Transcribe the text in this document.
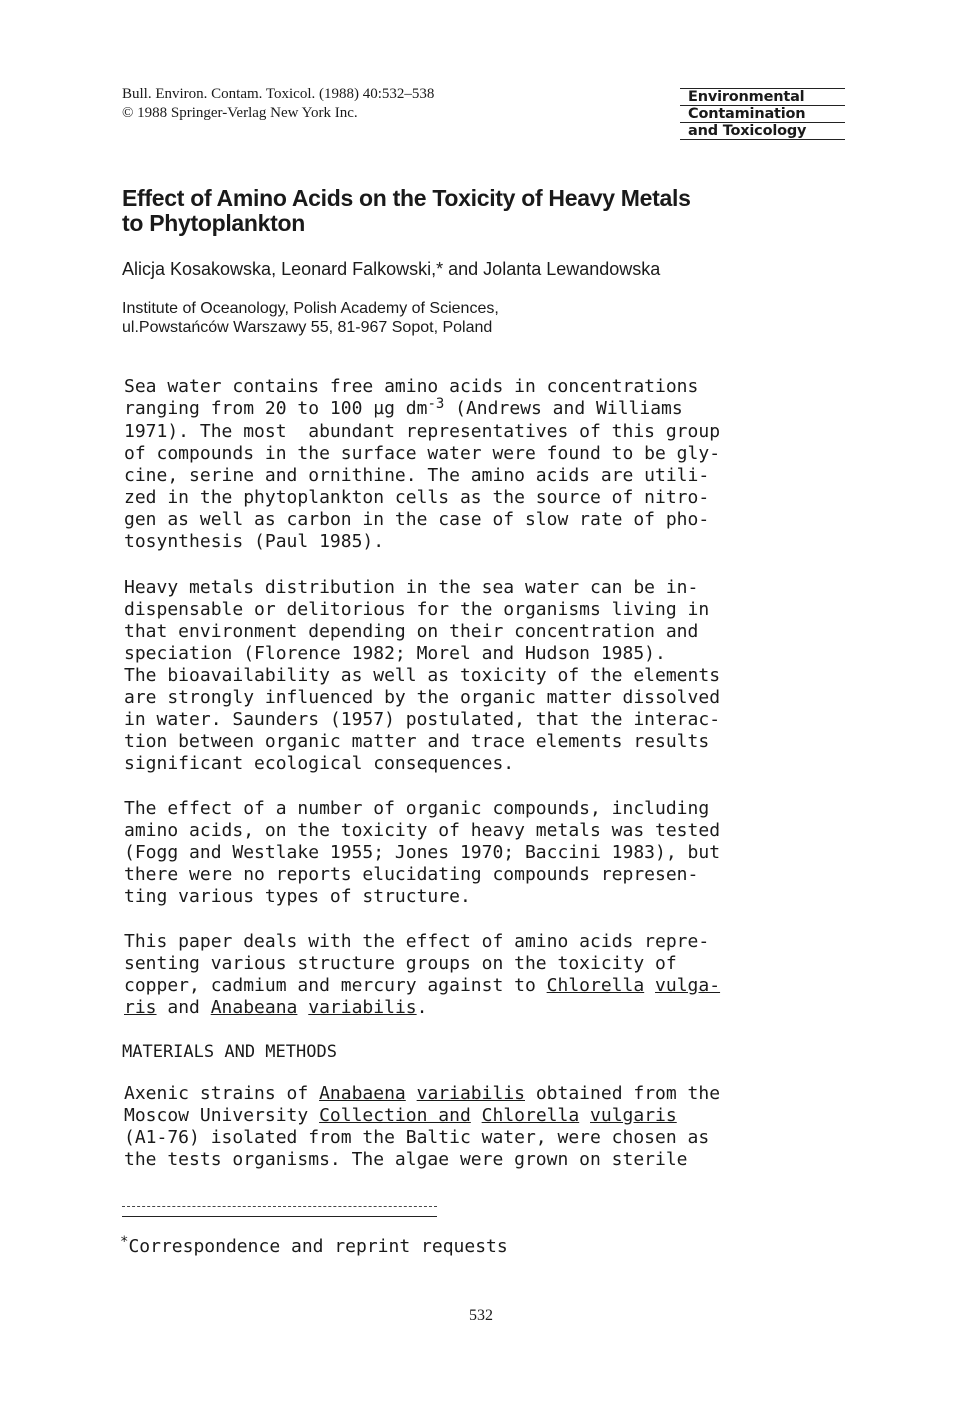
Bull. Environ. Contam. Toxicol. (1988) 40:532–538
© 1988 Springer-Verlag New York Inc.
Environmental
Contamination
and Toxicology
Effect of Amino Acids on the Toxicity of Heavy Metals
to Phytoplankton
Alicja Kosakowska, Leonard Falkowski,* and Jolanta Lewandowska
Institute of Oceanology, Polish Academy of Sciences,
ul.Powstańców Warszawy 55, 81-967 Sopot, Poland
Sea water contains free amino acids in concentrations
ranging from 20 to 100 µg $dm^{-3}$ (Andrews and Williams
1971). The most  abundant representatives of this group
of compounds in the surface water were found to be gly-
cine, serine and ornithine. The amino acids are utili-
zed in the phytoplankton cells as the source of nitro-
gen as well as carbon in the case of slow rate of pho-
tosynthesis (Paul 1985).
Heavy metals distribution in the sea water can be in-
dispensable or delitorious for the organisms living in
that environment depending on their concentration and
speciation (Florence 1982; Morel and Hudson 1985).
The bioavailability as well as toxicity of the elements
are strongly influenced by the organic matter dissolved
in water. Saunders (1957) postulated, that the interac-
tion between organic matter and trace elements results
significant ecological consequences.
The effect of a number of organic compounds, including
amino acids, on the toxicity of heavy metals was tested
(Fogg and Westlake 1955; Jones 1970; Baccini 1983), but
there were no reports elucidating compounds represen-
ting various types of structure.
This paper deals with the effect of amino acids repre-
senting various structure groups on the toxicity of
copper, cadmium and mercury against to Chlorella vulga-
ris and Anabeana variabilis.
MATERIALS AND METHODS
Axenic strains of Anabaena variabilis obtained from the
Moscow University Collection and Chlorella vulgaris
(A1-76) isolated from the Baltic water, were chosen as
the tests organisms. The algae were grown on sterile
*Correspondence and reprint requests
532
